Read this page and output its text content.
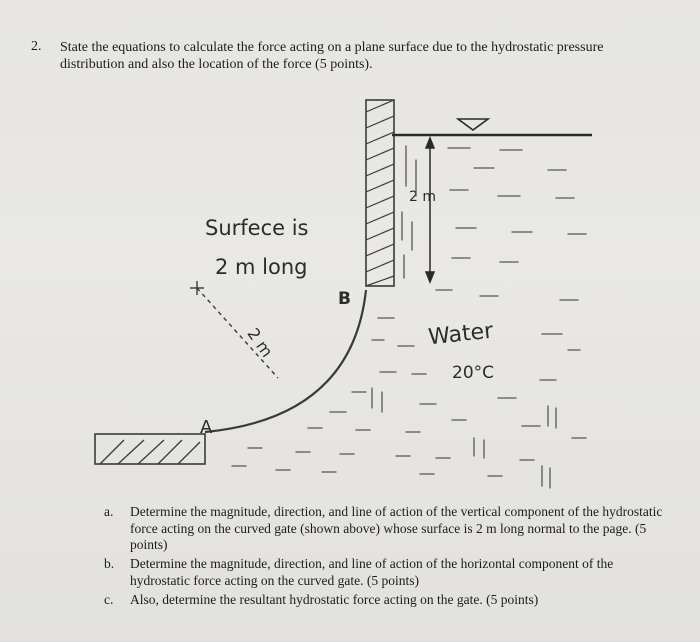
2. State the equations to calculate the force acting on a plane surface due to the hydrostatic pressure distribution and also the location of the force (5 points).
2 m
2 m
B
A
Surfece is
2 m long
Water
20°C
a. Determine the magnitude, direction, and line of action of the vertical component of the hydrostatic force acting on the curved gate (shown above) whose surface is 2 m long normal to the page. (5 points)
b. Determine the magnitude, direction, and line of action of the horizontal component of the hydrostatic force acting on the curved gate. (5 points)
c. Also, determine the resultant hydrostatic force acting on the gate. (5 points)
